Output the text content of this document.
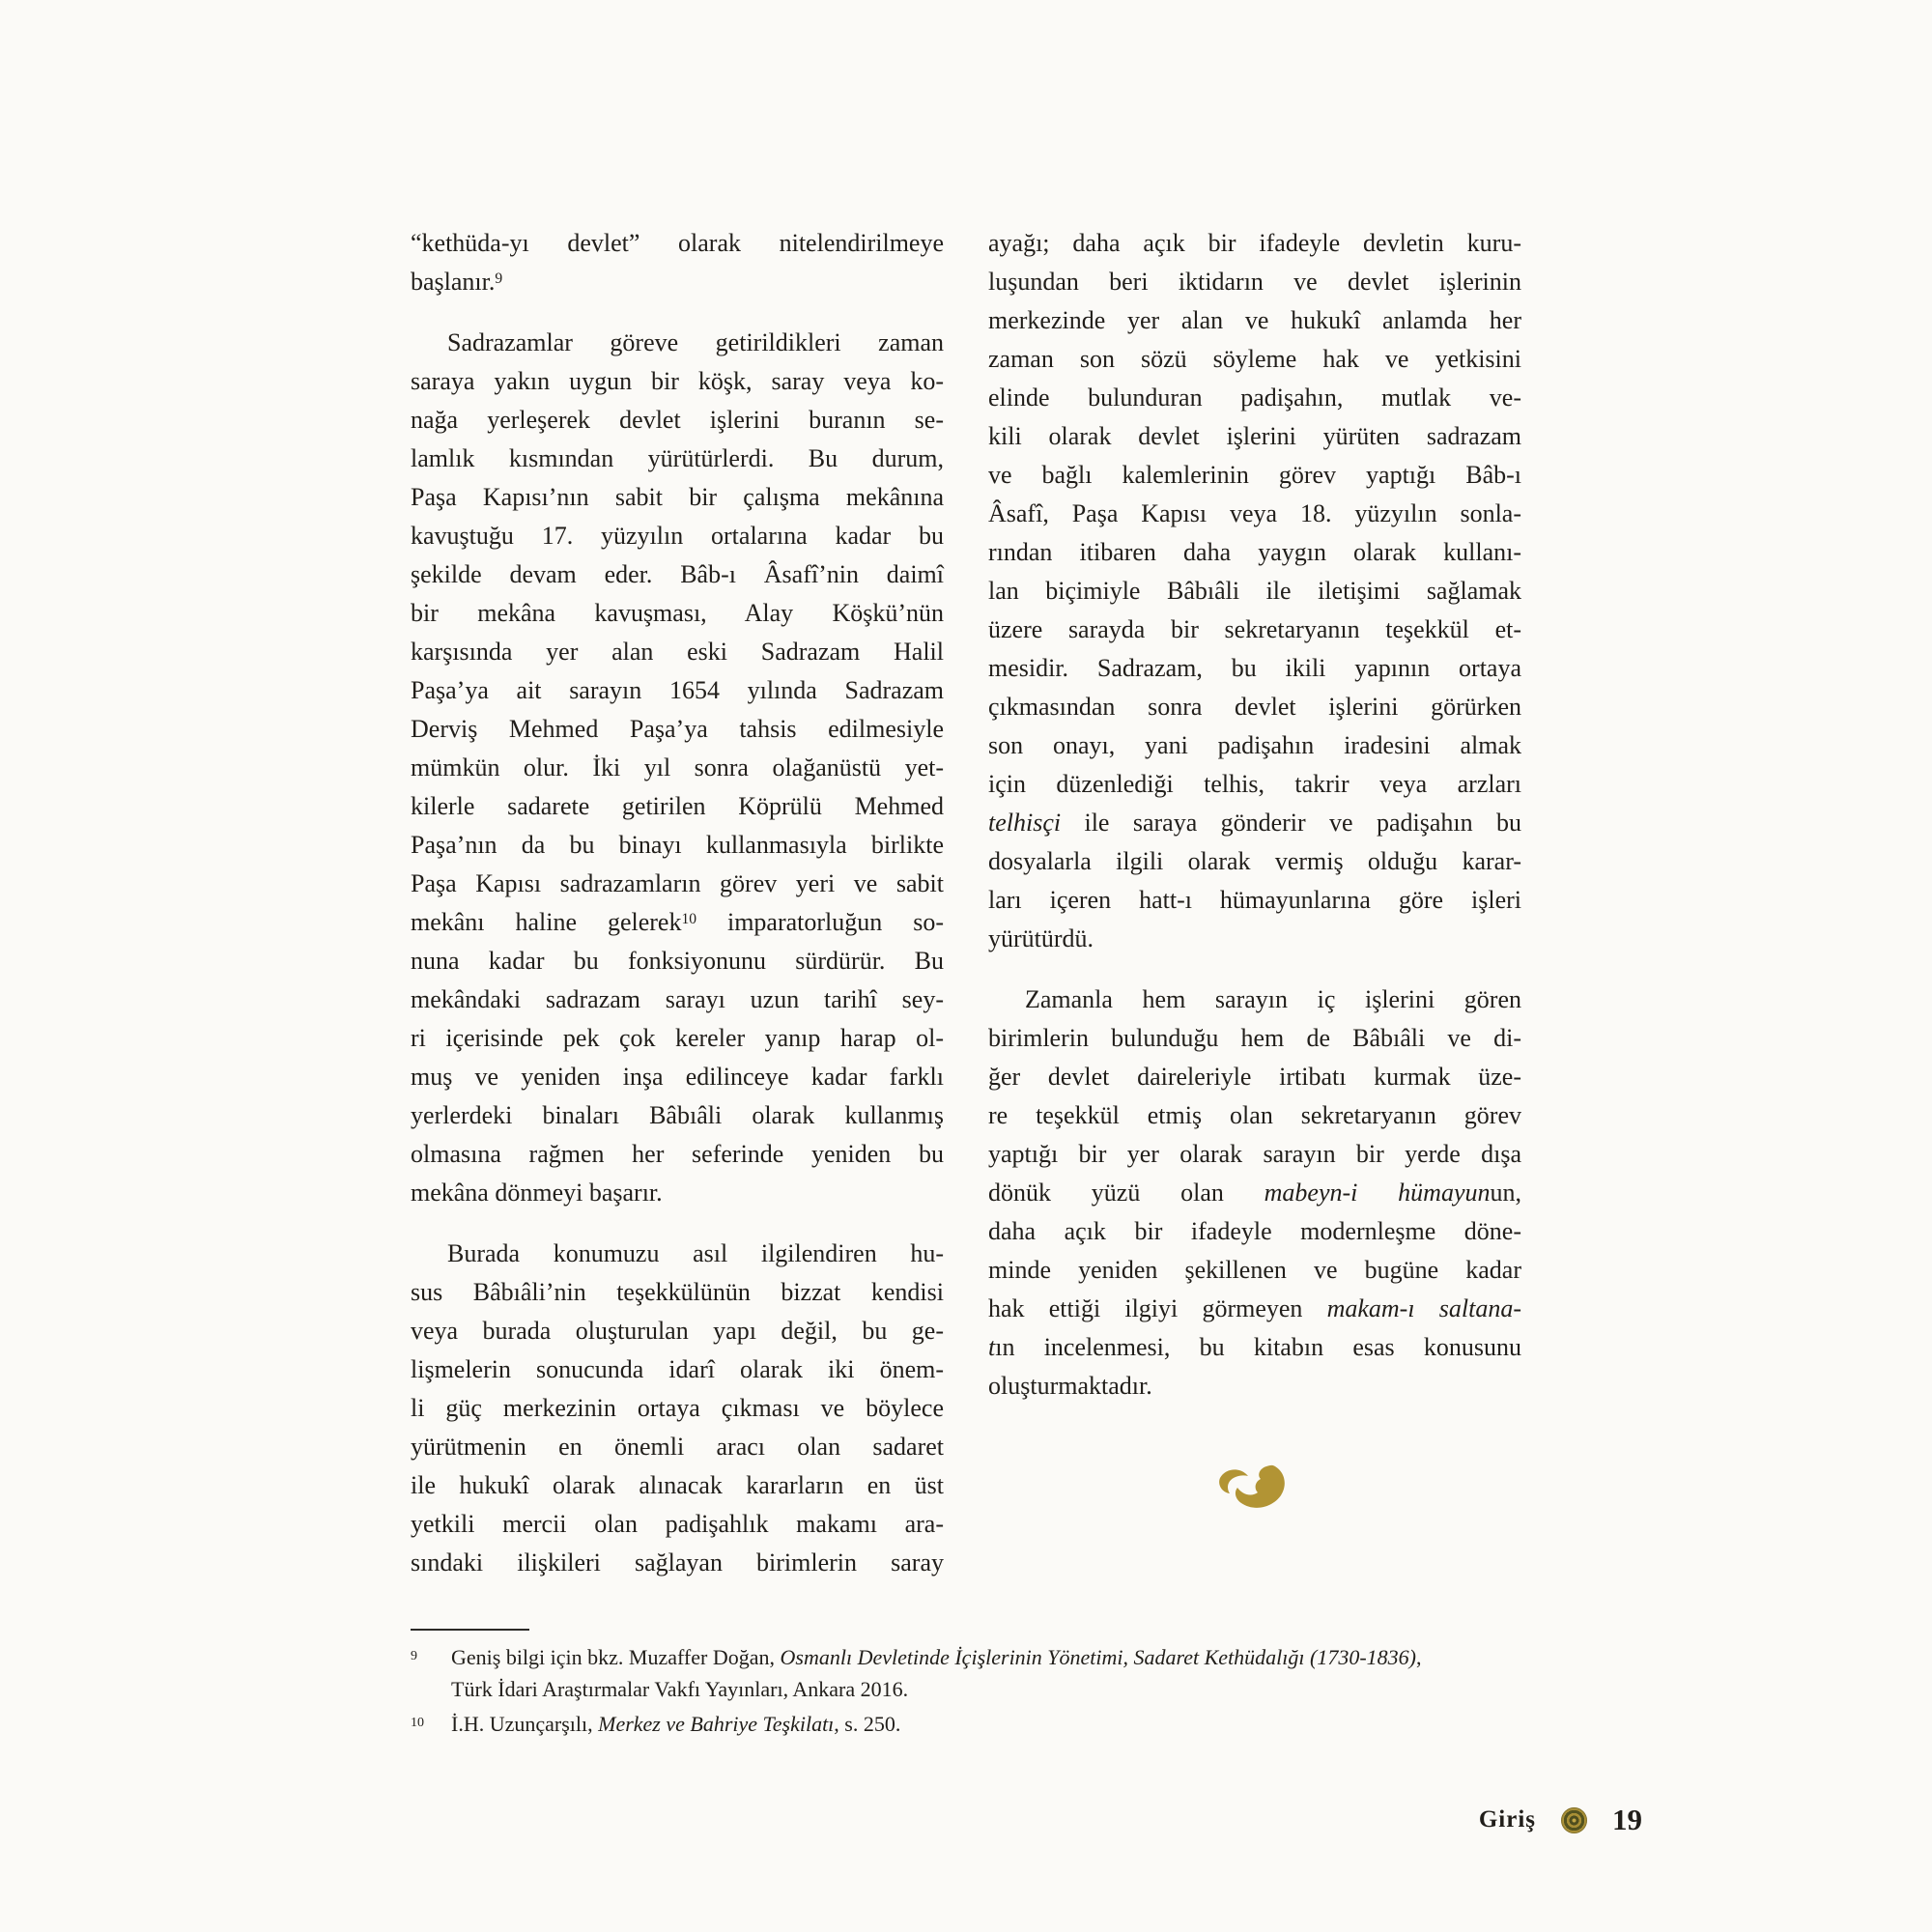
“kethüda-yı devlet” olarak nitelendirilmeye
başlanır.$^9$
Sadrazamlar göreve getirildikleri zaman
saraya yakın uygun bir köşk, saray veya ko-
nağa yerleşerek devlet işlerini buranın se-
lamlık kısmından yürütürlerdi. Bu durum,
Paşa Kapısı’nın sabit bir çalışma mekânına
kavuştuğu 17. yüzyılın ortalarına kadar bu
şekilde devam eder. Bâb-ı Âsafî’nin daimî
bir mekâna kavuşması, Alay Köşkü’nün
karşısında yer alan eski Sadrazam Halil
Paşa’ya ait sarayın 1654 yılında Sadrazam
Derviş Mehmed Paşa’ya tahsis edilmesiyle
mümkün olur. İki yıl sonra olağanüstü yet-
kilerle sadarete getirilen Köprülü Mehmed
Paşa’nın da bu binayı kullanmasıyla birlikte
Paşa Kapısı sadrazamların görev yeri ve sabit
mekânı haline gelerek$^{10}$ imparatorluğun so-
nuna kadar bu fonksiyonunu sürdürür. Bu
mekândaki sadrazam sarayı uzun tarihî sey-
ri içerisinde pek çok kereler yanıp harap ol-
muş ve yeniden inşa edilinceye kadar farklı
yerlerdeki binaları Bâbıâli olarak kullanmış
olmasına rağmen her seferinde yeniden bu
mekâna dönmeyi başarır.
Burada konumuzu asıl ilgilendiren hu-
sus Bâbıâli’nin teşekkülünün bizzat kendisi
veya burada oluşturulan yapı değil, bu ge-
lişmelerin sonucunda idarî olarak iki önem-
li güç merkezinin ortaya çıkması ve böylece
yürütmenin en önemli aracı olan sadaret
ile hukukî olarak alınacak kararların en üst
yetkili mercii olan padişahlık makamı ara-
sındaki ilişkileri sağlayan birimlerin saray
ayağı; daha açık bir ifadeyle devletin kuru-
luşundan beri iktidarın ve devlet işlerinin
merkezinde yer alan ve hukukî anlamda her
zaman son sözü söyleme hak ve yetkisini
elinde bulunduran padişahın, mutlak ve-
kili olarak devlet işlerini yürüten sadrazam
ve bağlı kalemlerinin görev yaptığı Bâb-ı
Âsafî, Paşa Kapısı veya 18. yüzyılın sonla-
rından itibaren daha yaygın olarak kullanı-
lan biçimiyle Bâbıâli ile iletişimi sağlamak
üzere sarayda bir sekretaryanın teşekkül et-
mesidir. Sadrazam, bu ikili yapının ortaya
çıkmasından sonra devlet işlerini görürken
son onayı, yani padişahın iradesini almak
için düzenlediği telhis, takrir veya arzları
telhisçi ile saraya gönderir ve padişahın bu
dosyalarla ilgili olarak vermiş olduğu karar-
ları içeren hatt-ı hümayunlarına göre işleri
yürütürdü.
Zamanla hem sarayın iç işlerini gören
birimlerin bulunduğu hem de Bâbıâli ve di-
ğer devlet daireleriyle irtibatı kurmak üze-
re teşekkül etmiş olan sekretaryanın görev
yaptığı bir yer olarak sarayın bir yerde dışa
dönük yüzü olan mabeyn-i hümayunun,
daha açık bir ifadeyle modernleşme döne-
minde yeniden şekillenen ve bugüne kadar
hak ettiği ilgiyi görmeyen makam-ı saltana-
tın incelenmesi, bu kitabın esas konusunu
oluşturmaktadır.
9	Geniş bilgi için bkz. Muzaffer Doğan, Osmanlı Devletinde İçişlerinin Yönetimi, Sadaret Kethüdalığı (1730-1836),
Türk İdari Araştırmalar Vakfı Yayınları, Ankara 2016.
10	İ.H. Uzunçarşılı, Merkez ve Bahriye Teşkilatı, s. 250.
Giriş	19
